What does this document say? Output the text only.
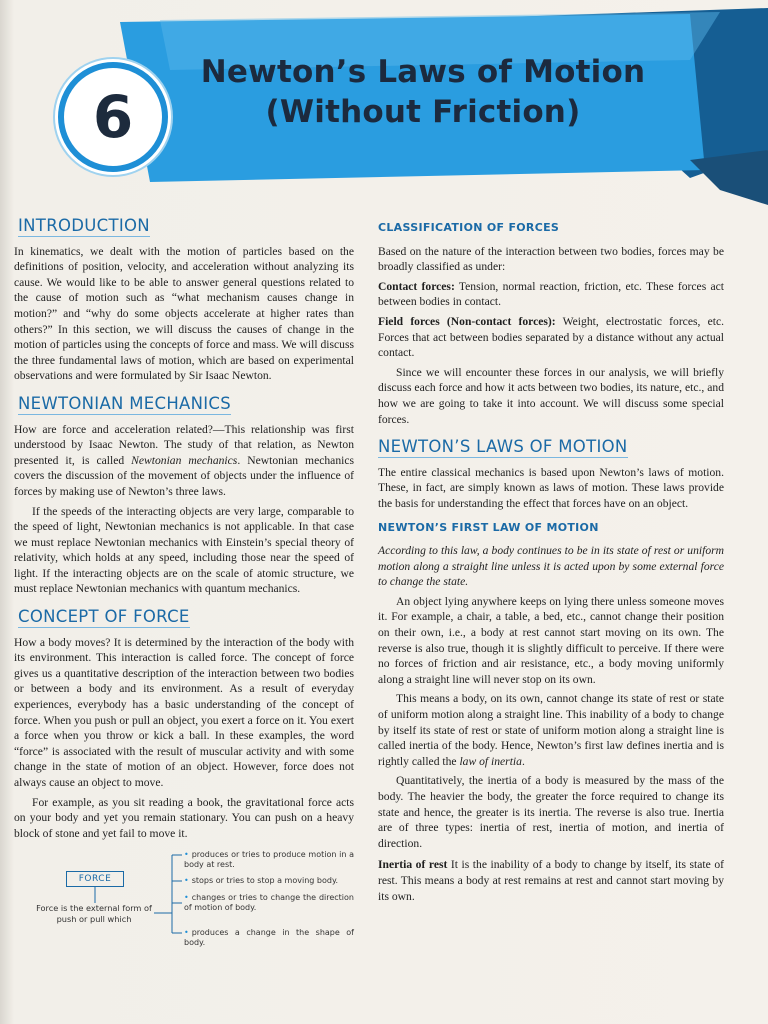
6
Newton’s Laws of Motion
(Without Friction)
INTRODUCTION

In kinematics, we dealt with the motion of particles based on the definitions of position, velocity, and acceleration without analyzing its cause. We would like to be able to answer general questions related to the cause of motion such as “what mechanism causes change in motion?” and “why do some objects accelerate at higher rates than others?” In this section, we will discuss the causes of change in the motion of particles using the concepts of force and mass. We will discuss the three fundamental laws of motion, which are based on experimental observations and were formulated by Sir Isaac Newton.

NEWTONIAN MECHANICS

How are force and acceleration related?—This relationship was first understood by Isaac Newton. The study of that relation, as Newton presented it, is called Newtonian mechanics. Newtonian mechanics covers the discussion of the movement of objects under the influence of forces by making use of Newton’s three laws.

If the speeds of the interacting objects are very large, comparable to the speed of light, Newtonian mechanics is not applicable. In that case we must replace Newtonian mechanics with Einstein’s special theory of relativity, which holds at any speed, including those near the speed of light. If the interacting objects are on the scale of atomic structure, we must replace Newtonian mechanics with quantum mechanics.

CONCEPT OF FORCE

How a body moves? It is determined by the interaction of the body with its environment. This interaction is called force. The concept of force gives us a quantitative description of the interaction between two bodies or between a body and its environment. As a result of everyday experiences, everybody has a basic understanding of the concept of force. When you push or pull an object, you exert a force on it. You exert a force when you throw or kick a ball. In these examples, the word “force” is associated with the result of muscular activity and with some change in the state of motion of an object. However, force does not always cause an object to move.

For example, as you sit reading a book, the gravitational force acts on your body and yet you remain stationary. You can push on a heavy block of stone and yet fail to move it.

FORCE
Force is the external form of push or pull which
• produces or tries to produce motion in a body at rest.
• stops or tries to stop a moving body.
• changes or tries to change the direction of motion of body.
• produces a change in the shape of body.
CLASSIFICATION OF FORCES

Based on the nature of the interaction between two bodies, forces may be broadly classified as under:

Contact forces: Tension, normal reaction, friction, etc. These forces act between bodies in contact.

Field forces (Non-contact forces): Weight, electrostatic forces, etc. Forces that act between bodies separated by a distance without any actual contact.

Since we will encounter these forces in our analysis, we will briefly discuss each force and how it acts between two bodies, its nature, etc., and how we are going to take it into account. We will discuss some special forces.

NEWTON’S LAWS OF MOTION

The entire classical mechanics is based upon Newton’s laws of motion. These, in fact, are simply known as laws of motion. These laws provide the basis for understanding the effect that forces have on an object.

NEWTON’S FIRST LAW OF MOTION

According to this law, a body continues to be in its state of rest or uniform motion along a straight line unless it is acted upon by some external force to change the state.

An object lying anywhere keeps on lying there unless someone moves it. For example, a chair, a table, a bed, etc., cannot change their position on their own, i.e., a body at rest cannot start moving on its own. The reverse is also true, though it is slightly difficult to perceive. If there were no forces of friction and air resistance, etc., a body moving uniformly along a straight line will never stop on its own.

This means a body, on its own, cannot change its state of rest or state of uniform motion along a straight line. This inability of a body to change by itself its state of rest or state of uniform motion along a straight line is called inertia of the body. Hence, Newton’s first law defines inertia and is rightly called the law of inertia.

Quantitatively, the inertia of a body is measured by the mass of the body. The heavier the body, the greater the force required to change its state and hence, the greater is its inertia. The reverse is also true. Inertia are of three types: inertia of rest, inertia of motion, and inertia of direction.

Inertia of rest It is the inability of a body to change by itself, its state of rest. This means a body at rest remains at rest and cannot start moving by its own.
